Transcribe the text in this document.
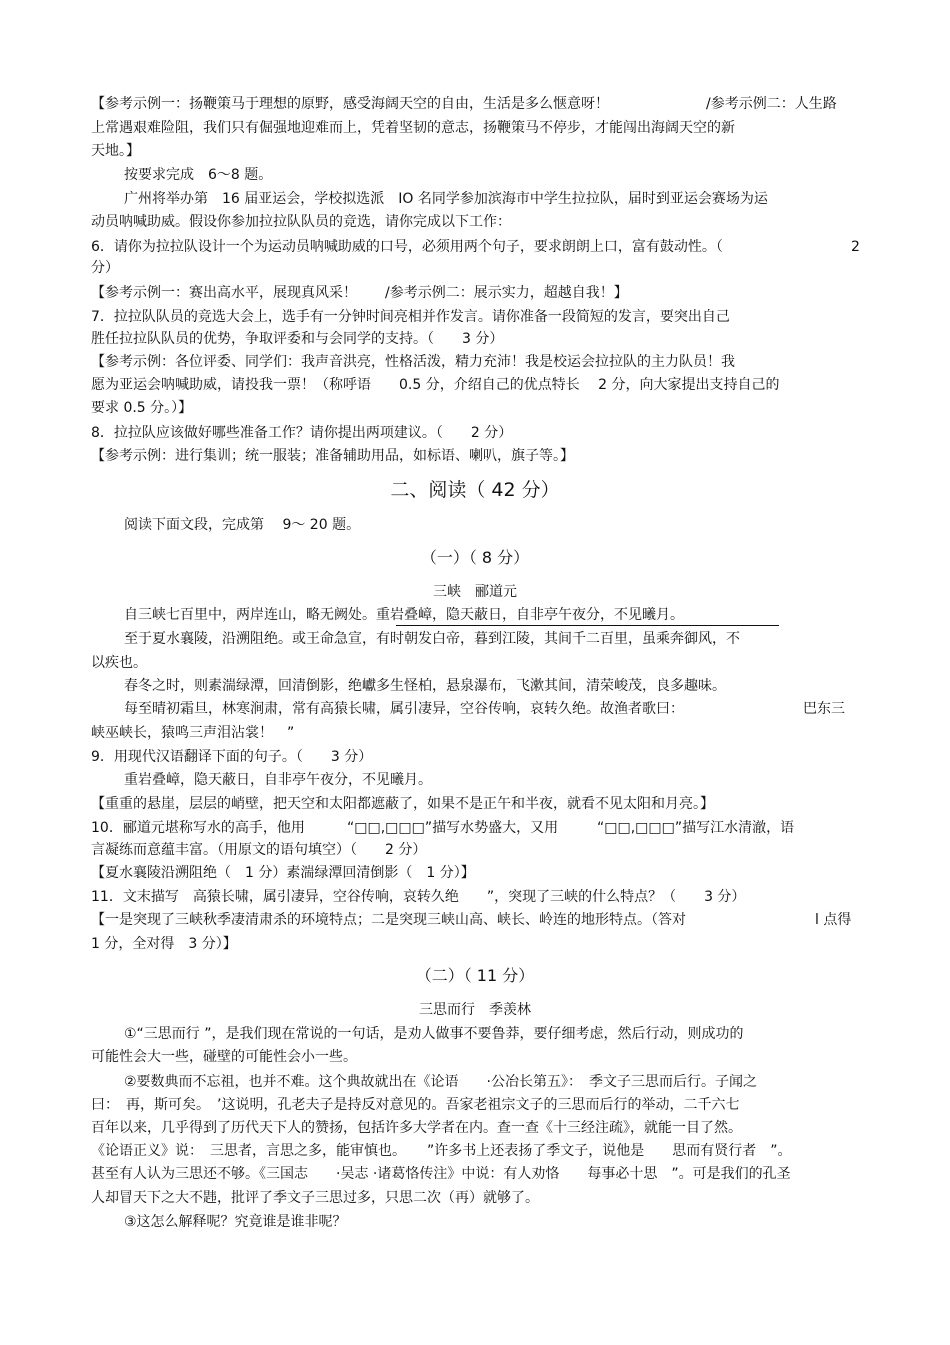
【参考示例一：扬鞭策马于理想的原野，感受海阔天空的自由，生活是多么惬意呀！	/参考示例二：人生路
上常遇艰难险阻，我们只有倔强地迎难而上，凭着坚韧的意志，扬鞭策马不停步，才能闯出海阔天空的新
天地。】
按要求完成　6～8 题。
广州将举办第　16 届亚运会，学校拟选派　IO 名同学参加滨海市中学生拉拉队，届时到亚运会赛场为运
动员呐喊助威。假设你参加拉拉队队员的竞选，请你完成以下工作：
6．请你为拉拉队设计一个为运动员呐喊助威的口号，必须用两个句子，要求朗朗上口，富有鼓动性。（	2
分）
【参考示例一：赛出高水平，展现真风采！　　/参考示例二：展示实力，超越自我！】
7．拉拉队队员的竞选大会上，选手有一分钟时间亮相并作发言。请你准备一段简短的发言，要突出自己
胜任拉拉队队员的优势，争取评委和与会同学的支持。（　　3 分）
【参考示例：各位评委、同学们：我声音洪亮，性格活泼，精力充沛！我是校运会拉拉队的主力队员！我
愿为亚运会呐喊助威，请投我一票！（称呼语　　0.5 分，介绍自己的优点特长　 2 分，向大家提出支持自己的
要求 0.5 分。）】
8．拉拉队应该做好哪些准备工作？请你提出两项建议。（　　2 分）
【参考示例：进行集训；统一服装；准备辅助用品，如标语、喇叭，旗子等。】
二、阅读（ 42 分）
阅读下面文段，完成第　 9～ 20 题。
（一）（ 8 分）
三峡　郦道元
自三峡七百里中，两岸连山，略无阙处。重岩叠嶂，隐天蔽日，自非亭午夜分，不见曦月。
至于夏水襄陵，沿溯阻绝。或王命急宣，有时朝发白帝，暮到江陵，其间千二百里，虽乘奔御风，不
以疾也。
春冬之时，则素湍绿潭，回清倒影，绝巘多生怪柏，悬泉瀑布，飞漱其间，清荣峻茂，良多趣味。
每至晴初霜旦，林寒涧肃，常有高猿长啸，属引凄异，空谷传响，哀转久绝。故渔者歌曰：	巴东三
峡巫峡长，猿鸣三声泪沾裳！　”
9．用现代汉语翻译下面的句子。（　　3 分）
重岩叠嶂，隐天蔽日，自非亭午夜分，不见曦月。
【重重的悬崖，层层的峭壁，把天空和太阳都遮蔽了，如果不是正午和半夜，就看不见太阳和月亮。】
10．郦道元堪称写水的高手，他用	“□□,□□□”描写水势盛大，又用	“□□,□□□”描写江水清澈，语
言凝练而意蕴丰富。（用原文的语句填空）（　　2 分）
【夏水襄陵沿溯阻绝（　1 分）素湍绿潭回清倒影（　1 分）】
11．文末描写　高猿长啸，属引凄异，空谷传响，哀转久绝　　”，突现了三峡的什么特点？（　　3 分）
【一是突现了三峡秋季凄清肃杀的环境特点；二是突现三峡山高、峡长、岭连的地形特点。（答对	l 点得
1 分，全对得　3 分）】
（二）（ 11 分）
三思而行　季羡林
①“三思而行 ”，是我们现在常说的一句话，是劝人做事不要鲁莽，要仔细考虑，然后行动，则成功的
可能性会大一些，碰壁的可能性会小一些。
②要数典而不忘祖，也并不难。这个典故就出在《论语　　·公冶长第五》：　季文子三思而后行。子闻之
曰：　再，斯可矣。　’这说明，孔老夫子是持反对意见的。吾家老祖宗文子的三思而后行的举动，二千六七
百年以来，几乎得到了历代天下人的赞扬，包括许多大学者在内。查一查《十三经注疏》，就能一目了然。
《论语正义》说：　三思者，言思之多，能审慎也。　　”许多书上还表扬了季文子，说他是　　思而有贤行者　”。
甚至有人认为三思还不够。《三国志　　·吴志 ·诸葛恪传注》中说：有人劝恪　　每事必十思　”。可是我们的孔圣
人却冒天下之大不韪，批评了季文子三思过多，只思二次（再）就够了。
③这怎么解释呢？究竟谁是谁非呢？
